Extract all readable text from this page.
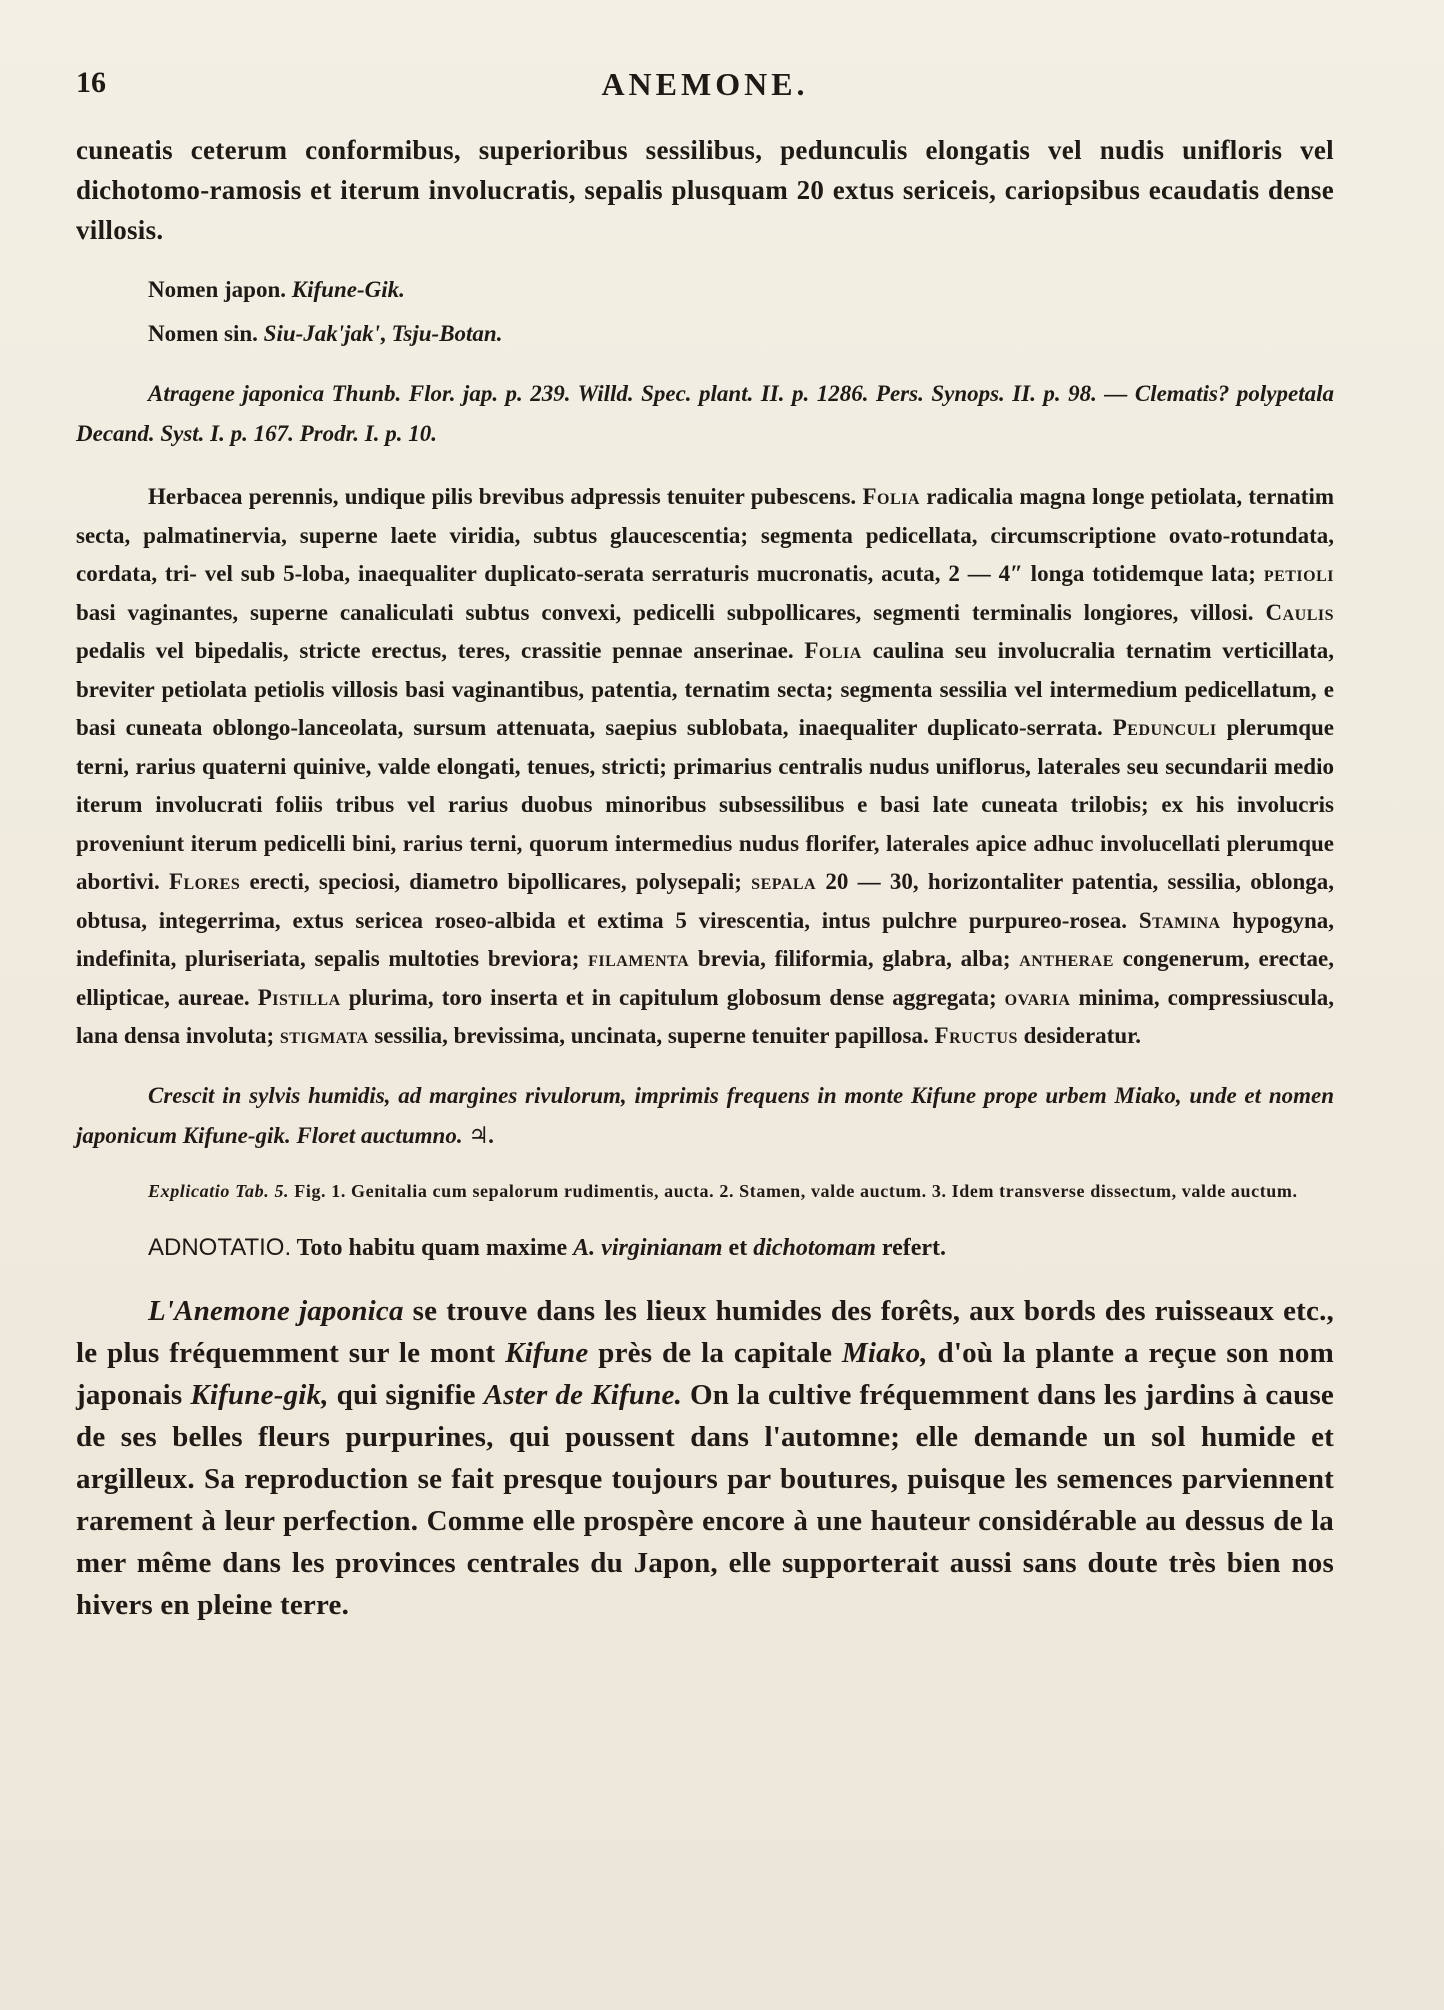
16	ANEMONE.

cuneatis ceterum conformibus, superioribus sessilibus, pedunculis elongatis vel nudis unifloris vel dichotomo-ramosis et iterum involucratis, sepalis plusquam 20 extus sericeis, cariopsibus ecaudatis dense villosis.

Nomen japon. Kifune-Gik.
Nomen sin. Siu-Jak'jak', Tsju-Botan.

Atragene japonica Thunb. Flor. jap. p. 239. Willd. Spec. plant. II. p. 1286. Pers. Synops. II. p. 98. — Clematis? polypetala Decand. Syst. I. p. 167. Prodr. I. p. 10.

Herbacea perennis, undique pilis brevibus adpressis tenuiter pubescens. Folia radicalia magna longe petiolata, ternatim secta, palmatinervia, superne laete viridia, subtus glaucescentia; segmenta pedicellata, circumscriptione ovato-rotundata, cordata, tri- vel sub 5-loba, inaequaliter duplicato-serata serraturis mucronatis, acuta, 2 — 4″ longa totidemque lata; petioli basi vaginantes, superne canaliculati subtus convexi, pedicelli subpollicares, segmenti terminalis longiores, villosi. Caulis pedalis vel bipedalis, stricte erectus, teres, crassitie pennae anserinae. Folia caulina seu involucralia ternatim verticillata, breviter petiolata petiolis villosis basi vaginantibus, patentia, ternatim secta; segmenta sessilia vel intermedium pedicellatum, e basi cuneata oblongo-lanceolata, sursum attenuata, saepius sublobata, inaequaliter duplicato-serrata. Pedunculi plerumque terni, rarius quaterni quinive, valde elongati, tenues, stricti; primarius centralis nudus uniflorus, laterales seu secundarii medio iterum involucrati foliis tribus vel rarius duobus minoribus subsessilibus e basi late cuneata trilobis; ex his involucris proveniunt iterum pedicelli bini, rarius terni, quorum intermedius nudus florifer, laterales apice adhuc involucellati plerumque abortivi. Flores erecti, speciosi, diametro bipollicares, polysepali; sepala 20 — 30, horizontaliter patentia, sessilia, oblonga, obtusa, integerrima, extus sericea roseo-albida et extima 5 virescentia, intus pulchre purpureo-rosea. Stamina hypogyna, indefinita, pluriseriata, sepalis multoties breviora; filamenta brevia, filiformia, glabra, alba; antherae congenerum, erectae, ellipticae, aureae. Pistilla plurima, toro inserta et in capitulum globosum dense aggregata; ovaria minima, compressiuscula, lana densa involuta; stigmata sessilia, brevissima, uncinata, superne tenuiter papillosa. Fructus desideratur.

Crescit in sylvis humidis, ad margines rivulorum, imprimis frequens in monte Kifune prope urbem Miako, unde et nomen japonicum Kifune-gik. Floret auctumno. ♃.

Explicatio Tab. 5. Fig. 1. Genitalia cum sepalorum rudimentis, aucta. 2. Stamen, valde auctum. 3. Idem transverse dissectum, valde auctum.

ADNOTATIO. Toto habitu quam maxime A. virginianam et dichotomam refert.

L'Anemone japonica se trouve dans les lieux humides des forêts, aux bords des ruisseaux etc., le plus fréquemment sur le mont Kifune près de la capitale Miako, d'où la plante a reçue son nom japonais Kifune-gik, qui signifie Aster de Kifune. On la cultive fréquemment dans les jardins à cause de ses belles fleurs purpurines, qui poussent dans l'automne; elle demande un sol humide et argilleux. Sa reproduction se fait presque toujours par boutures, puisque les semences parviennent rarement à leur perfection. Comme elle prospère encore à une hauteur considérable au dessus de la mer même dans les provinces centrales du Japon, elle supporterait aussi sans doute très bien nos hivers en pleine terre.
